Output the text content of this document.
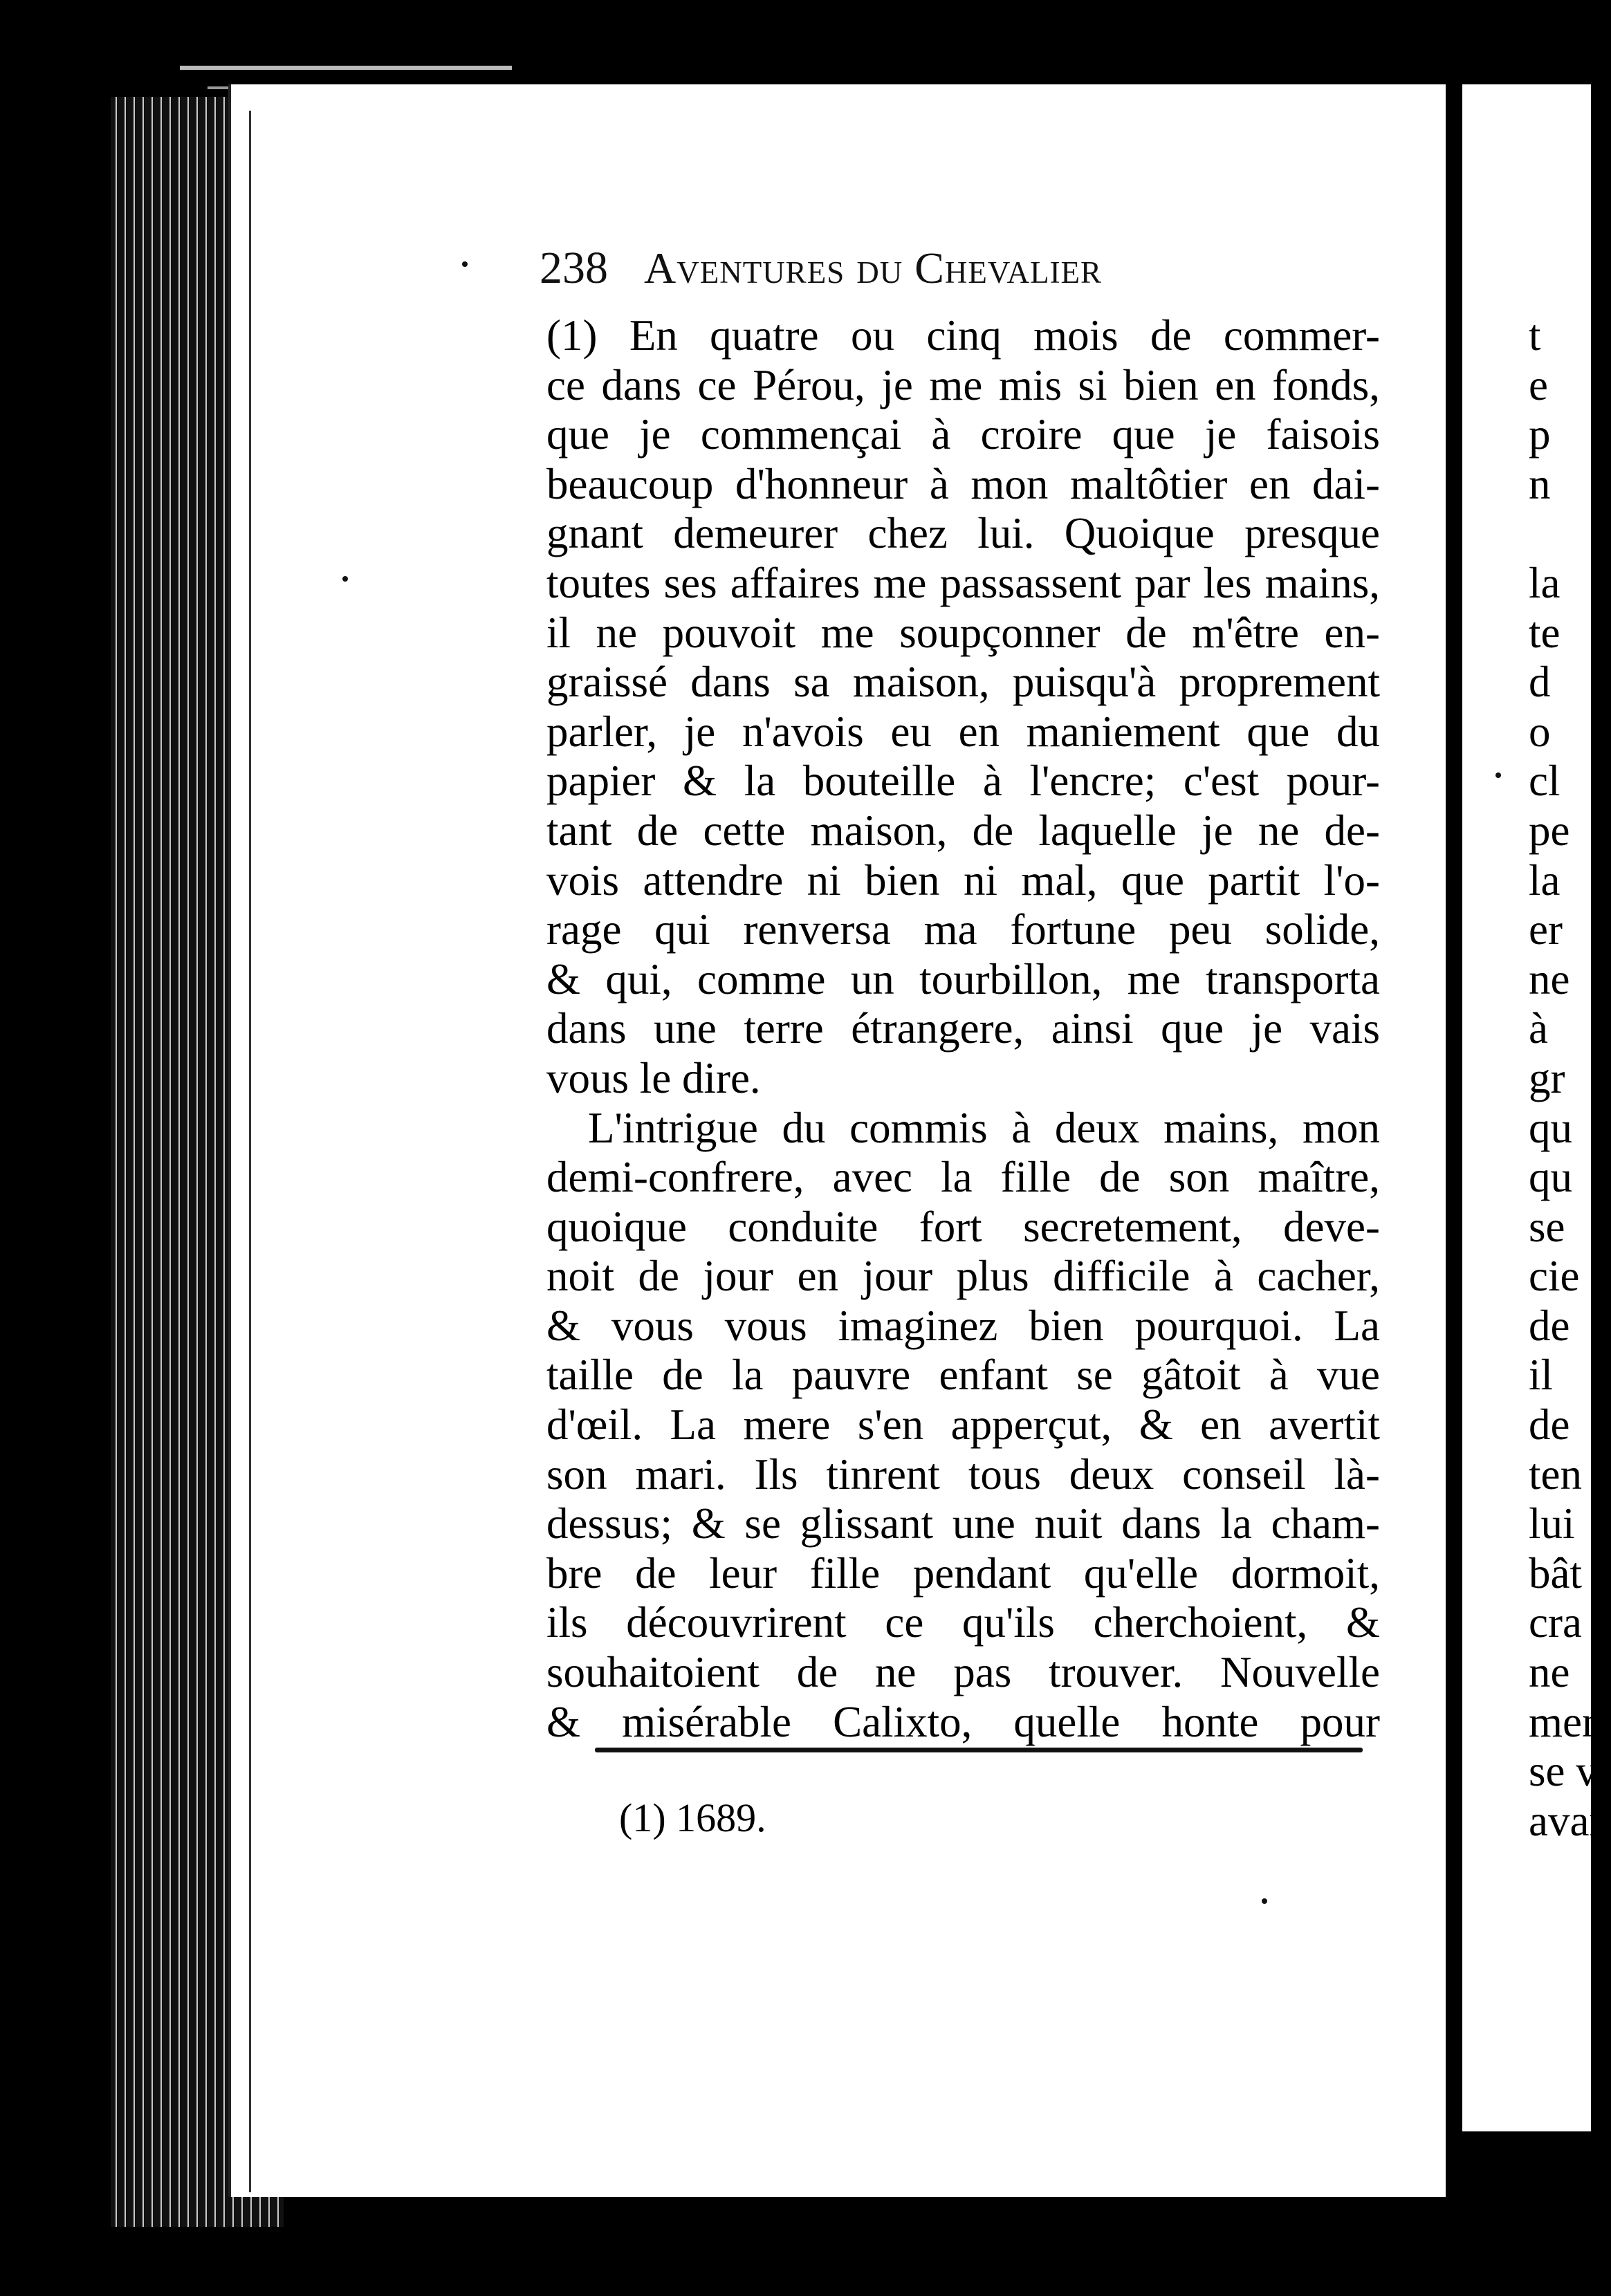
238 Aventures du Chevalier
(1) En quatre ou cinq mois de commer-
ce dans ce Pérou, je me mis si bien en fonds,
que je commençai à croire que je faisois
beaucoup d'honneur à mon maltôtier en dai-
gnant demeurer chez lui. Quoique presque
toutes ses affaires me passassent par les mains,
il ne pouvoit me soupçonner de m'être en-
graissé dans sa maison, puisqu'à proprement
parler, je n'avois eu en maniement que du
papier & la bouteille à l'encre; c'est pour-
tant de cette maison, de laquelle je ne de-
vois attendre ni bien ni mal, que partit l'o-
rage qui renversa ma fortune peu solide,
& qui, comme un tourbillon, me transporta
dans une terre étrangere, ainsi que je vais
vous le dire.
L'intrigue du commis à deux mains, mon
demi-confrere, avec la fille de son maître,
quoique conduite fort secretement, deve-
noit de jour en jour plus difficile à cacher,
& vous vous imaginez bien pourquoi. La
taille de la pauvre enfant se gâtoit à vue
d'œil. La mere s'en apperçut, & en avertit
son mari. Ils tinrent tous deux conseil là-
dessus; & se glissant une nuit dans la cham-
bre de leur fille pendant qu'elle dormoit,
ils découvrirent ce qu'ils cherchoient, &
souhaitoient de ne pas trouver. Nouvelle
& misérable Calixto, quelle honte pour
(1) 1689.
t
e
p
n
la
te
d
o
cl
pe
la
er
ne
à
gr
qu
qu
se
cie
de
il
de
ten
lui
bât
cra
ne
men
se v
avan
